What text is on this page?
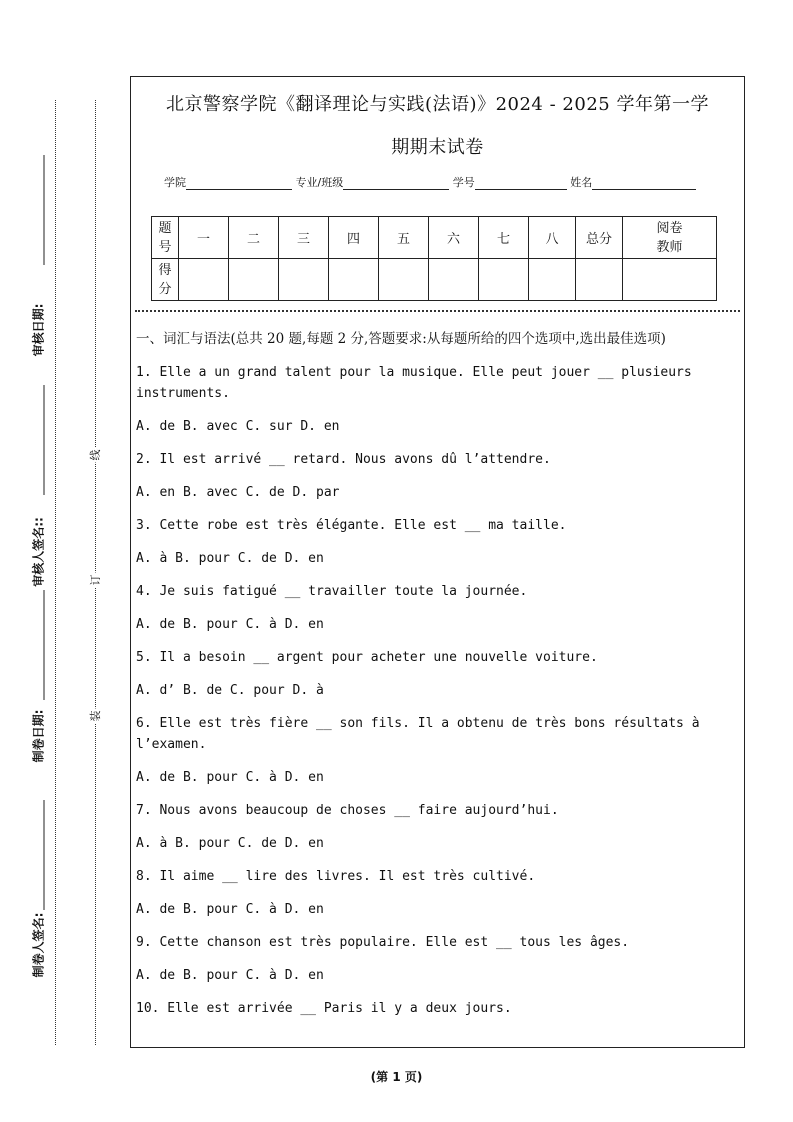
审核日期:
审核人签名::
制卷日期:
制卷人签名:
线
订
装
北京警察学院《翻译理论与实践(法语)》2024 - 2025 学年第一学
期期末试卷
学院	专业/班级	学号	姓名
题
号	一	二	三	四	五	六	七	八	总分	阅卷
教师
得
分										

一、词汇与语法(总共 20 题,每题 2 分,答题要求:从每题所给的四个选项中,选出最佳选项)

1. Elle a un grand talent pour la musique. Elle peut jouer __ plusieurs instruments.

A. de B. avec C. sur D. en

2. Il est arrivé __ retard. Nous avons dû l’attendre.

A. en B. avec C. de D. par

3. Cette robe est très élégante. Elle est __ ma taille.

A. à B. pour C. de D. en

4. Je suis fatigué __ travailler toute la journée.

A. de B. pour C. à D. en

5. Il a besoin __ argent pour acheter une nouvelle voiture.

A. d’ B. de C. pour D. à

6. Elle est très fière __ son fils. Il a obtenu de très bons résultats à l’examen.

A. de B. pour C. à D. en

7. Nous avons beaucoup de choses __ faire aujourd’hui.

A. à B. pour C. de D. en

8. Il aime __ lire des livres. Il est très cultivé.

A. de B. pour C. à D. en

9. Cette chanson est très populaire. Elle est __ tous les âges.

A. de B. pour C. à D. en

10. Elle est arrivée __ Paris il y a deux jours.

(第 1 页)
